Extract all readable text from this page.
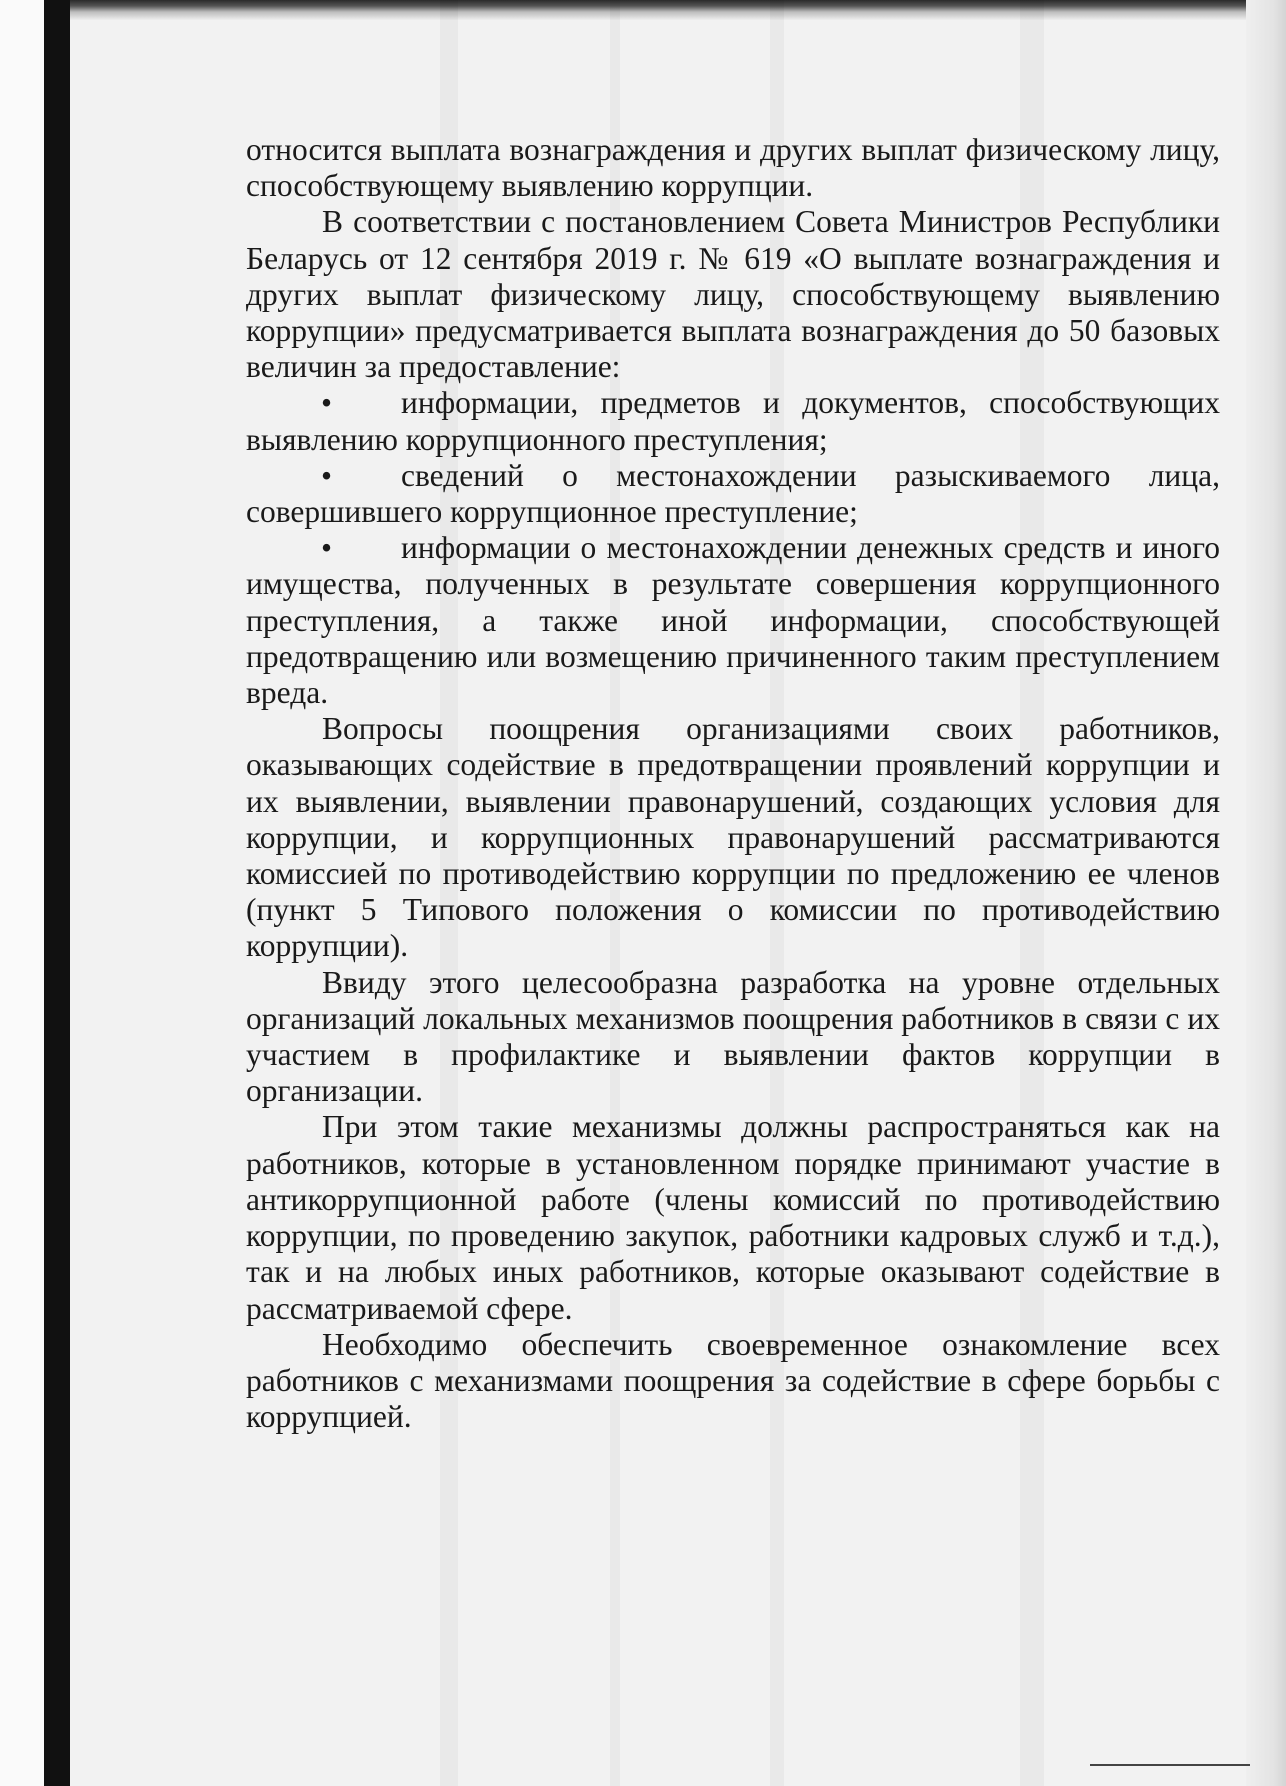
относится выплата вознаграждения и других выплат физическому лицу, способствующему выявлению коррупции.

В соответствии с постановлением Совета Министров Республики Беларусь от 12 сентября 2019 г. № 619 «О выплате вознаграждения и других выплат физическому лицу, способствующему выявлению коррупции» предусматривается выплата вознаграждения до 50 базовых величин за предоставление:

• информации, предметов и документов, способствующих выявлению коррупционного преступления;

• сведений о местонахождении разыскиваемого лица, совершившего коррупционное преступление;

• информации о местонахождении денежных средств и иного имущества, полученных в результате совершения коррупционного преступления, а также иной информации, способствующей предотвращению или возмещению причиненного таким преступлением вреда.

Вопросы поощрения организациями своих работников, оказывающих содействие в предотвращении проявлений коррупции и их выявлении, выявлении правонарушений, создающих условия для коррупции, и коррупционных правонарушений рассматриваются комиссией по противодействию коррупции по предложению ее членов (пункт 5 Типового положения о комиссии по противодействию коррупции).

Ввиду этого целесообразна разработка на уровне отдельных организаций локальных механизмов поощрения работников в связи с их участием в профилактике и выявлении фактов коррупции в организации.

При этом такие механизмы должны распространяться как на работников, которые в установленном порядке принимают участие в антикоррупционной работе (члены комиссий по противодействию коррупции, по проведению закупок, работники кадровых служб и т.д.), так и на любых иных работников, которые оказывают содействие в рассматриваемой сфере.

Необходимо обеспечить своевременное ознакомление всех работников с механизмами поощрения за содействие в сфере борьбы с коррупцией.
